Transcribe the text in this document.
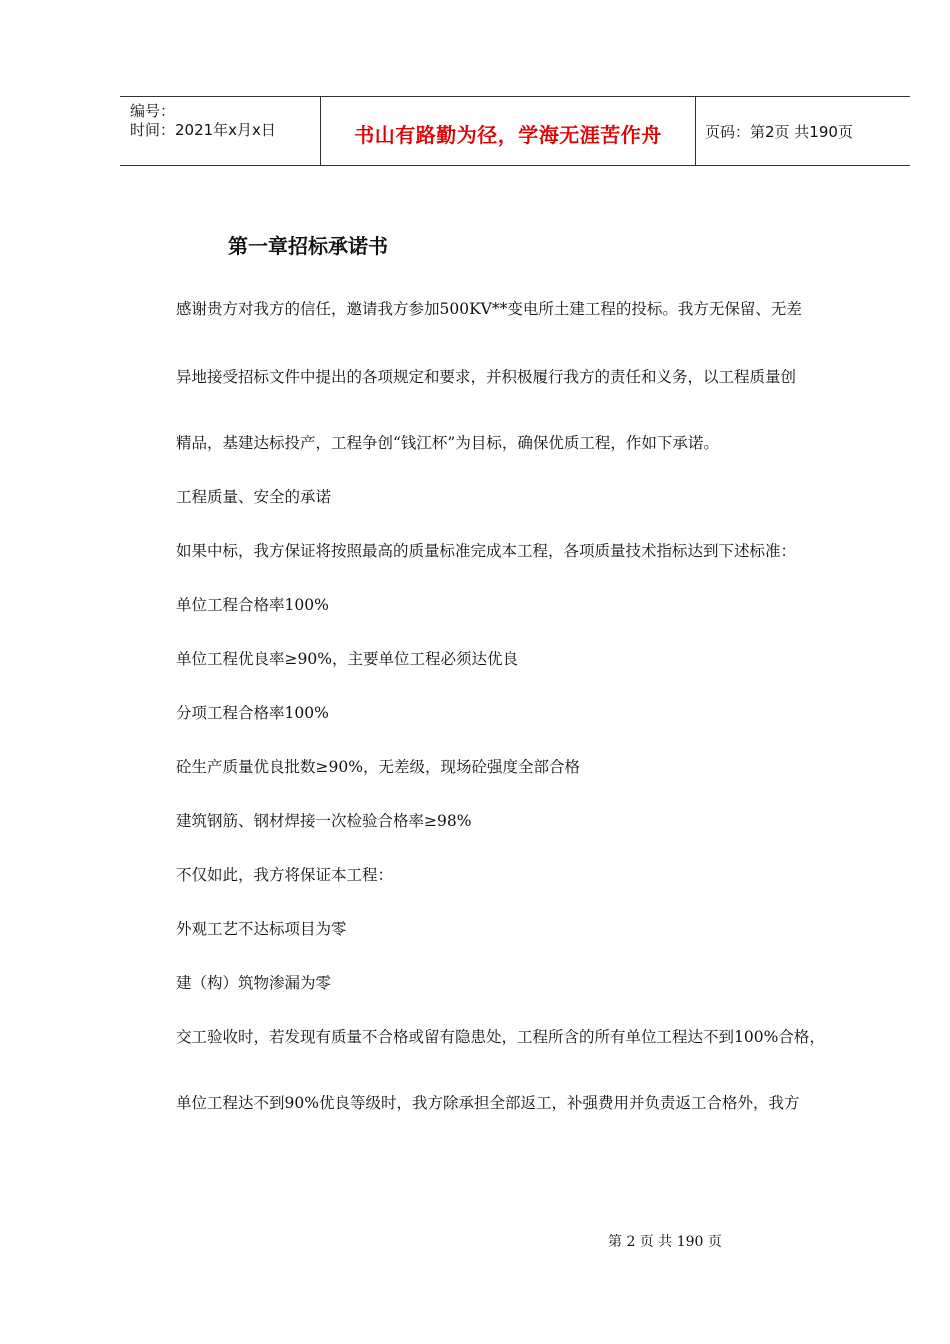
编号：
时间：2021年x月x日	书山有路勤为径，学海无涯苦作舟	页码：第2页 共190页
第一章招标承诺书
感谢贵方对我方的信任，邀请我方参加500KV**变电所土建工程的投标。我方无保留、无差
异地接受招标文件中提出的各项规定和要求，并积极履行我方的责任和义务，以工程质量创
精品，基建达标投产，工程争创“钱江杯”为目标，确保优质工程，作如下承诺。
工程质量、安全的承诺
如果中标，我方保证将按照最高的质量标准完成本工程，各项质量技术指标达到下述标准：
单位工程合格率100%
单位工程优良率≥90%，主要单位工程必须达优良
分项工程合格率100%
砼生产质量优良批数≥90%，无差级，现场砼强度全部合格
建筑钢筋、钢材焊接一次检验合格率≥98%
不仅如此，我方将保证本工程：
外观工艺不达标项目为零
建（构）筑物渗漏为零
交工验收时，若发现有质量不合格或留有隐患处，工程所含的所有单位工程达不到100%合格，
单位工程达不到90%优良等级时，我方除承担全部返工，补强费用并负责返工合格外，我方
第 2 页 共 190 页
